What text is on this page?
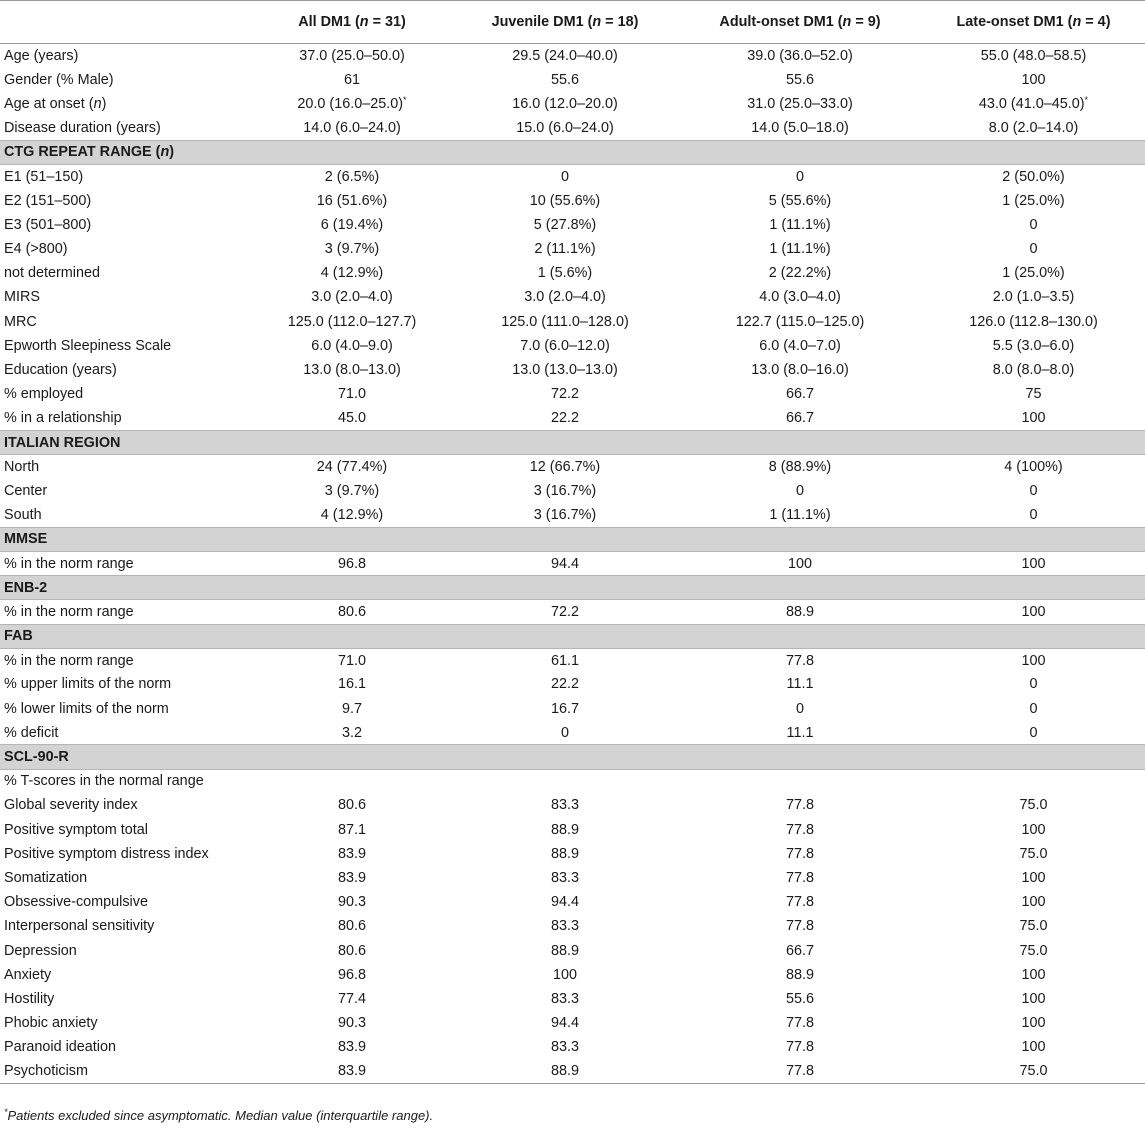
	All DM1 (n = 31)	Juvenile DM1 (n = 18)	Adult-onset DM1 (n = 9)	Late-onset DM1 (n = 4)
Age (years)	37.0 (25.0–50.0)	29.5 (24.0–40.0)	39.0 (36.0–52.0)	55.0 (48.0–58.5)
Gender (% Male)	61	55.6	55.6	100
Age at onset (n)	20.0 (16.0–25.0)*	16.0 (12.0–20.0)	31.0 (25.0–33.0)	43.0 (41.0–45.0)*
Disease duration (years)	14.0 (6.0–24.0)	15.0 (6.0–24.0)	14.0 (5.0–18.0)	8.0 (2.0–14.0)
CTG REPEAT RANGE (n)				
E1 (51–150)	2 (6.5%)	0	0	2 (50.0%)
E2 (151–500)	16 (51.6%)	10 (55.6%)	5 (55.6%)	1 (25.0%)
E3 (501–800)	6 (19.4%)	5 (27.8%)	1 (11.1%)	0
E4 (>800)	3 (9.7%)	2 (11.1%)	1 (11.1%)	0
not determined	4 (12.9%)	1 (5.6%)	2 (22.2%)	1 (25.0%)
MIRS	3.0 (2.0–4.0)	3.0 (2.0–4.0)	4.0 (3.0–4.0)	2.0 (1.0–3.5)
MRC	125.0 (112.0–127.7)	125.0 (111.0–128.0)	122.7 (115.0–125.0)	126.0 (112.8–130.0)
Epworth Sleepiness Scale	6.0 (4.0–9.0)	7.0 (6.0–12.0)	6.0 (4.0–7.0)	5.5 (3.0–6.0)
Education (years)	13.0 (8.0–13.0)	13.0 (13.0–13.0)	13.0 (8.0–16.0)	8.0 (8.0–8.0)
% employed	71.0	72.2	66.7	75
% in a relationship	45.0	22.2	66.7	100
ITALIAN REGION				
North	24 (77.4%)	12 (66.7%)	8 (88.9%)	4 (100%)
Center	3 (9.7%)	3 (16.7%)	0	0
South	4 (12.9%)	3 (16.7%)	1 (11.1%)	0
MMSE				
% in the norm range	96.8	94.4	100	100
ENB-2				
% in the norm range	80.6	72.2	88.9	100
FAB				
% in the norm range	71.0	61.1	77.8	100
% upper limits of the norm	16.1	22.2	11.1	0
% lower limits of the norm	9.7	16.7	0	0
% deficit	3.2	0	11.1	0
SCL-90-R				
% T-scores in the normal range				
Global severity index	80.6	83.3	77.8	75.0
Positive symptom total	87.1	88.9	77.8	100
Positive symptom distress index	83.9	88.9	77.8	75.0
Somatization	83.9	83.3	77.8	100
Obsessive-compulsive	90.3	94.4	77.8	100
Interpersonal sensitivity	80.6	83.3	77.8	75.0
Depression	80.6	88.9	66.7	75.0
Anxiety	96.8	100	88.9	100
Hostility	77.4	83.3	55.6	100
Phobic anxiety	90.3	94.4	77.8	100
Paranoid ideation	83.9	83.3	77.8	100
Psychoticism	83.9	88.9	77.8	75.0
*Patients excluded since asymptomatic. Median value (interquartile range).
